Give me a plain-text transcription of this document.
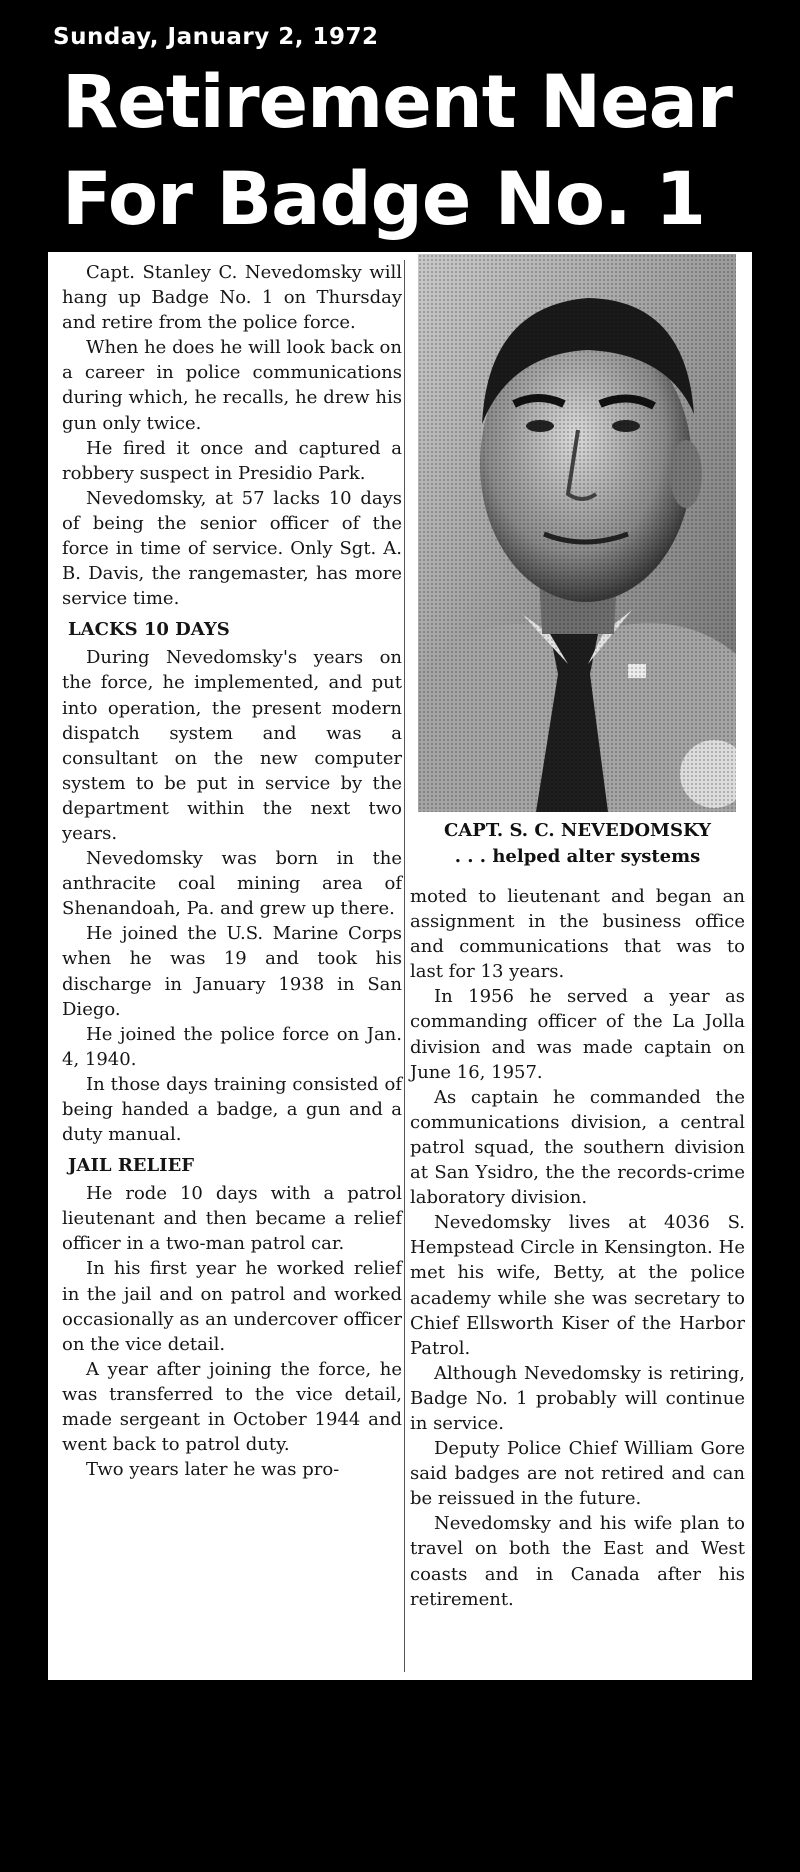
Sunday, January 2, 1972
Retirement Near
For Badge No. 1

Capt. Stanley C. Nevedomsky will hang up Badge No. 1 on Thursday and retire from the police force.

When he does he will look back on a career in police communications during which, he recalls, he drew his gun only twice.

He fired it once and captured a robbery suspect in Presidio Park.

Nevedomsky, at 57 lacks 10 days of being the senior officer of the force in time of service. Only Sgt. A. B. Davis, the rangemaster, has more service time.

LACKS 10 DAYS

During Nevedomsky's years on the force, he implemented, and put into operation, the present modern dispatch system and was a consultant on the new computer system to be put in service by the department within the next two years.

Nevedomsky was born in the anthracite coal mining area of Shenandoah, Pa. and grew up there.

He joined the U.S. Marine Corps when he was 19 and took his discharge in January 1938 in San Diego.

He joined the police force on Jan. 4, 1940.

In those days training consisted of being handed a badge, a gun and a duty manual.

JAIL RELIEF

He rode 10 days with a patrol lieutenant and then became a relief officer in a two-man patrol car.

In his first year he worked relief in the jail and on patrol and worked occasionally as an undercover officer on the vice detail.

A year after joining the force, he was transferred to the vice detail, made sergeant in October 1944 and went back to patrol duty.

Two years later he was pro-

CAPT. S. C. NEVEDOMSKY
. . . helped alter systems

moted to lieutenant and began an assignment in the business office and communications that was to last for 13 years.

In 1956 he served a year as commanding officer of the La Jolla division and was made captain on June 16, 1957.

As captain he commanded the communications division, a central patrol squad, the southern division at San Ysidro, the the records-crime laboratory division.

Nevedomsky lives at 4036 S. Hempstead Circle in Kensington. He met his wife, Betty, at the police academy while she was secretary to Chief Ellsworth Kiser of the Harbor Patrol.

Although Nevedomsky is retiring, Badge No. 1 probably will continue in service.

Deputy Police Chief William Gore said badges are not retired and can be reissued in the future.

Nevedomsky and his wife plan to travel on both the East and West coasts and in Canada after his retirement.
